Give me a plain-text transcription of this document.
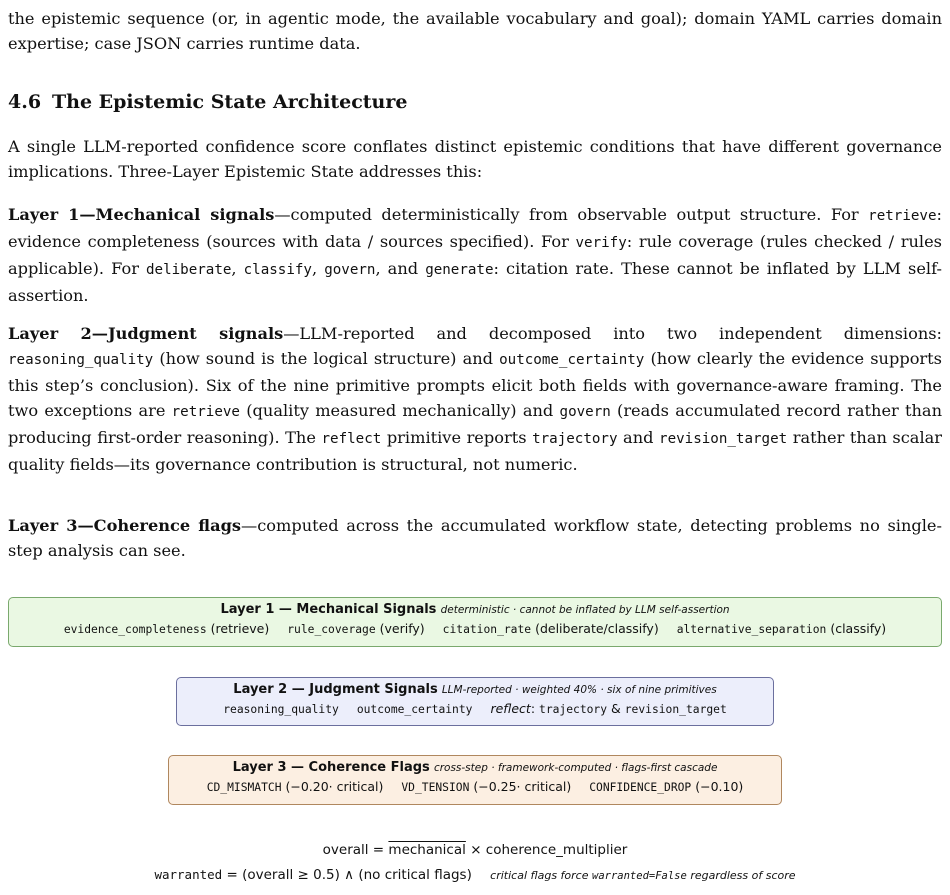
the epistemic sequence (or, in agentic mode, the available vocabulary and goal); domain YAML carries domain expertise; case JSON carries runtime data.

4.6 The Epistemic State Architecture

A single LLM-reported confidence score conflates distinct epistemic conditions that have different governance implications. Three-Layer Epistemic State addresses this:

Layer 1—Mechanical signals—computed deterministically from observable output structure. For retrieve: evidence completeness (sources with data / sources specified). For verify: rule coverage (rules checked / rules applicable). For deliberate, classify, govern, and generate: citation rate. These cannot be inflated by LLM self-assertion.

Layer 2—Judgment signals—LLM-reported and decomposed into two independent dimensions: reasoning_quality (how sound is the logical structure) and outcome_certainty (how clearly the evidence supports this step’s conclusion). Six of the nine primitive prompts elicit both fields with governance-aware framing. The two exceptions are retrieve (quality measured mechanically) and govern (reads accumulated record rather than producing first-order reasoning). The reflect primitive reports trajectory and revision_target rather than scalar quality fields—its governance contribution is structural, not numeric.

Layer 3—Coherence flags—computed across the accumulated workflow state, detecting problems no single-step analysis can see.

Layer 1 — Mechanical Signals deterministic · cannot be inflated by LLM self-assertion
evidence_completeness (retrieve) rule_coverage (verify) citation_rate (deliberate/classify) alternative_separation (classify)
Layer 2 — Judgment Signals LLM-reported · weighted 40% · six of nine primitives
reasoning_quality outcome_certainty reflect: trajectory & revision_target
Layer 3 — Coherence Flags cross-step · framework-computed · flags-first cascade
CD_MISMATCH (−0.20· critical) VD_TENSION (−0.25· critical) CONFIDENCE_DROP (−0.10)
overall = mechanical × coherence_multiplier
warranted = (overall ≥ 0.5) ∧ (no critical flags) critical flags force warranted=False regardless of score
